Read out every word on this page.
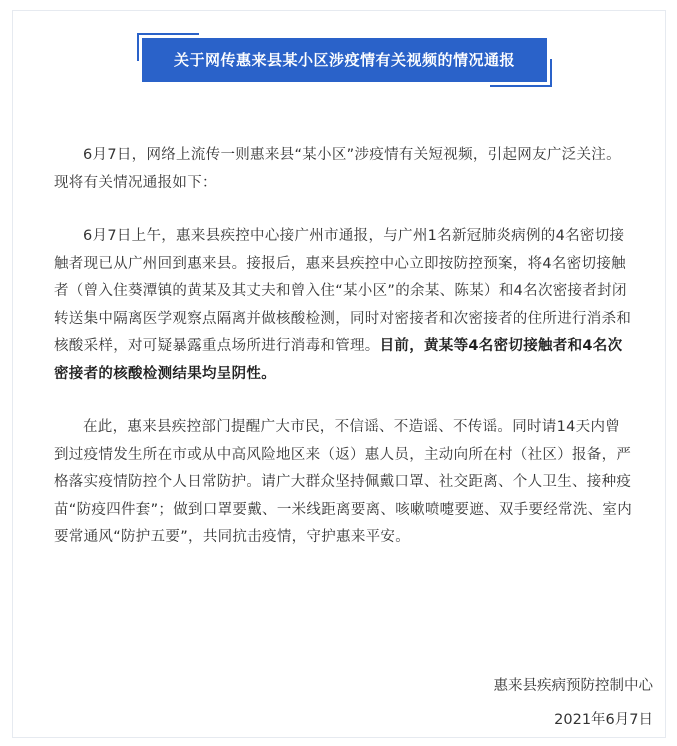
关于网传惠来县某小区涉疫情有关视频的情况通报

6月7日，网络上流传一则惠来县“某小区”涉疫情有关短视频，引起网友广泛关注。现将有关情况通报如下：

6月7日上午，惠来县疾控中心接广州市通报，与广州1名新冠肺炎病例的4名密切接触者现已从广州回到惠来县。接报后，惠来县疾控中心立即按防控预案，将4名密切接触者（曾入住葵潭镇的黄某及其丈夫和曾入住“某小区”的余某、陈某）和4名次密接者封闭转送集中隔离医学观察点隔离并做核酸检测，同时对密接者和次密接者的住所进行消杀和核酸采样，对可疑暴露重点场所进行消毒和管理。目前，黄某等4名密切接触者和4名次密接者的核酸检测结果均呈阴性。

在此，惠来县疾控部门提醒广大市民，不信谣、不造谣、不传谣。同时请14天内曾到过疫情发生所在市或从中高风险地区来（返）惠人员，主动向所在村（社区）报备，严格落实疫情防控个人日常防护。请广大群众坚持佩戴口罩、社交距离、个人卫生、接种疫苗“防疫四件套”；做到口罩要戴、一米线距离要离、咳嗽喷嚏要遮、双手要经常洗、室内要常通风“防护五要”，共同抗击疫情，守护惠来平安。

惠来县疾病预防控制中心
2021年6月7日
